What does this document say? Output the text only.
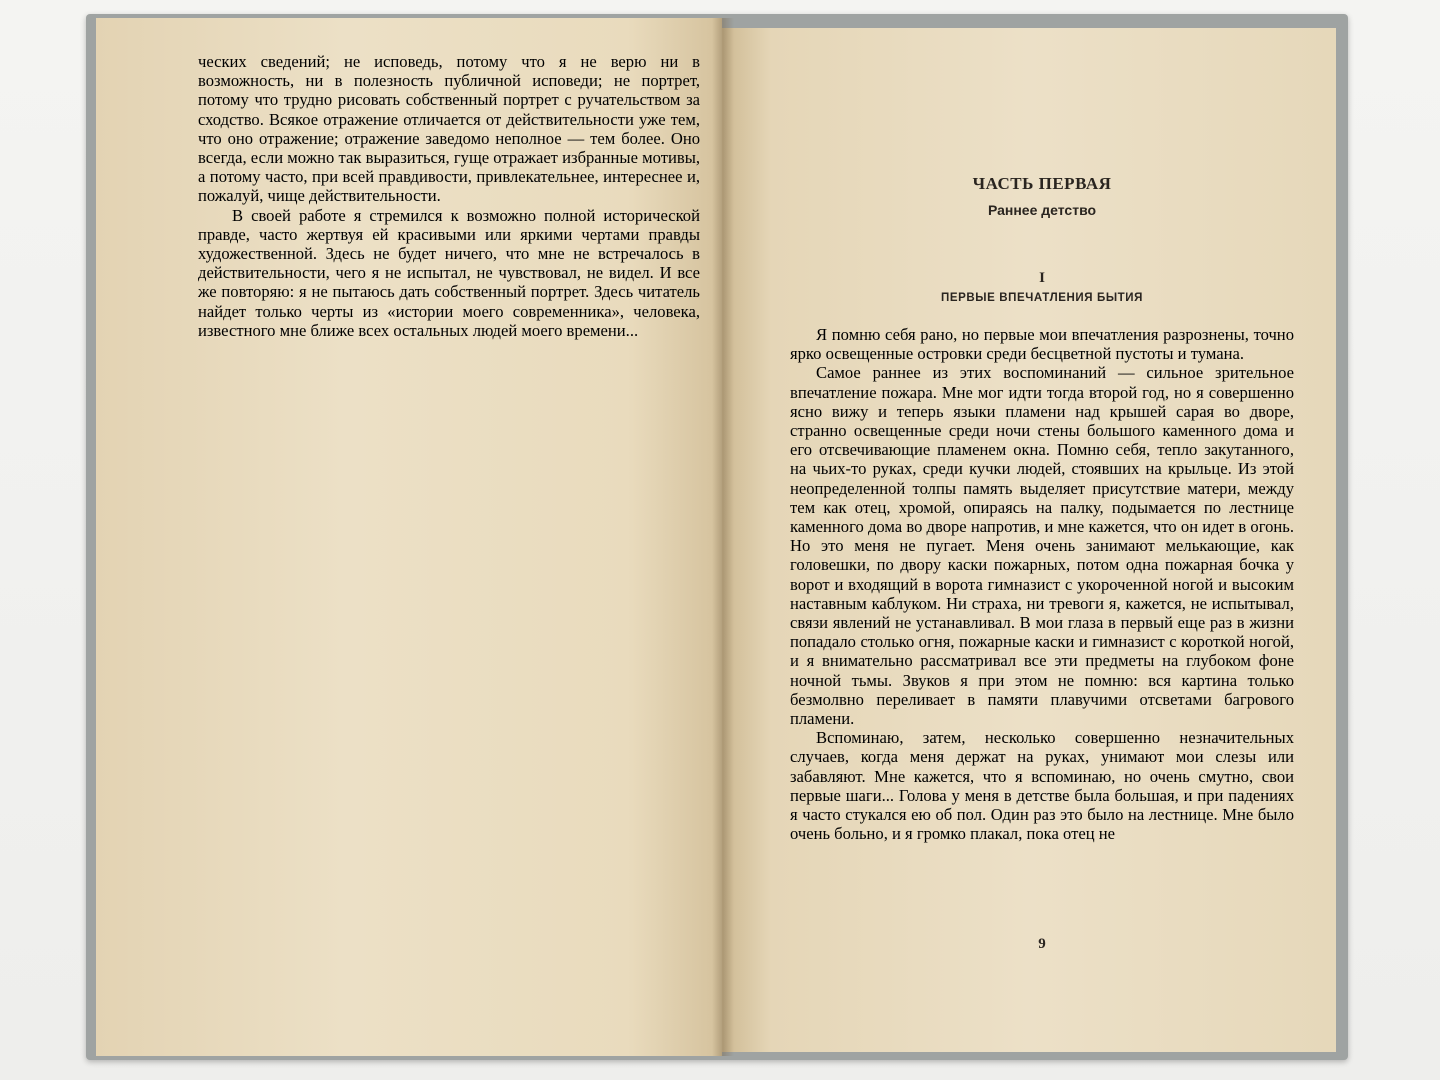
ческих сведений; не исповедь, потому что я не верю ни в возможность, ни в полезность публичной исповеди; не портрет, потому что трудно рисовать собственный портрет с ручательством за сходство. Всякое отражение отличается от действительности уже тем, что оно отражение; отражение заведомо неполное — тем более. Оно всегда, если можно так выразиться, гуще отражает избранные мотивы, а потому часто, при всей правдивости, привлекательнее, интереснее и, пожалуй, чище действительности.

В своей работе я стремился к возможно полной исторической правде, часто жертвуя ей красивыми или яркими чертами правды художественной. Здесь не будет ничего, что мне не встречалось в действительности, чего я не испытал, не чувствовал, не видел. И все же повторяю: я не пытаюсь дать собственный портрет. Здесь читатель найдет только черты из «истории моего современника», человека, известного мне ближе всех остальных людей моего времени...

ЧАСТЬ ПЕРВАЯ
Раннее детство
I
ПЕРВЫЕ ВПЕЧАТЛЕНИЯ БЫТИЯ

Я помню себя рано, но первые мои впечатления разрознены, точно ярко освещенные островки среди бесцветной пустоты и тумана.

Самое раннее из этих воспоминаний — сильное зрительное впечатление пожара. Мне мог идти тогда второй год, но я совершенно ясно вижу и теперь языки пламени над крышей сарая во дворе, странно освещенные среди ночи стены большого каменного дома и его отсвечивающие пламенем окна. Помню себя, тепло закутанного, на чьих-то руках, среди кучки людей, стоявших на крыльце. Из этой неопределенной толпы память выделяет присутствие матери, между тем как отец, хромой, опираясь на палку, подымается по лестнице каменного дома во дворе напротив, и мне кажется, что он идет в огонь. Но это меня не пугает. Меня очень занимают мелькающие, как головешки, по двору каски пожарных, потом одна пожарная бочка у ворот и входящий в ворота гимназист с укороченной ногой и высоким наставным каблуком. Ни страха, ни тревоги я, кажется, не испытывал, связи явлений не устанавливал. В мои глаза в первый еще раз в жизни попадало столько огня, пожарные каски и гимназист с короткой ногой, и я внимательно рассматривал все эти предметы на глубоком фоне ночной тьмы. Звуков я при этом не помню: вся картина только безмолвно переливает в памяти плавучими отсветами багрового пламени.

Вспоминаю, затем, несколько совершенно незначительных случаев, когда меня держат на руках, унимают мои слезы или забавляют. Мне кажется, что я вспоминаю, но очень смутно, свои первые шаги... Голова у меня в детстве была большая, и при падениях я часто стукался ею об пол. Один раз это было на лестнице. Мне было очень больно, и я громко плакал, пока отец не

9
